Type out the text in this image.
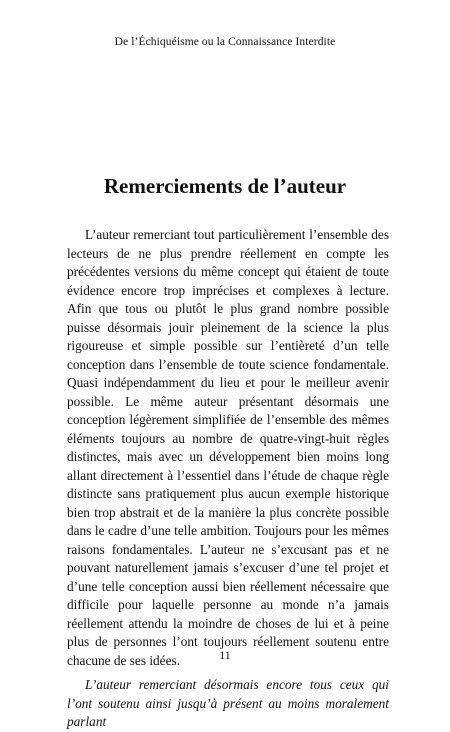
De l’Échiquéisme ou la Connaissance Interdite
Remerciements de l’auteur

L’auteur remerciant tout particulièrement l’ensemble des lecteurs de ne plus prendre réellement en compte les précédentes versions du même concept qui étaient de toute évidence encore trop imprécises et complexes à lecture. Afin que tous ou plutôt le plus grand nombre possible puisse désormais jouir pleinement de la science la plus rigoureuse et simple possible sur l’entièreté d’un telle conception dans l’ensemble de toute science fondamentale. Quasi indépendamment du lieu et pour le meilleur avenir possible. Le même auteur présentant désormais une conception légèrement simplifiée de l’ensemble des mêmes éléments toujours au nombre de quatre-vingt-huit règles distinctes, mais avec un développement bien moins long allant directement à l’essentiel dans l’étude de chaque règle distincte sans pratiquement plus aucun exemple historique bien trop abstrait et de la manière la plus concrète possible dans le cadre d’une telle ambition. Toujours pour les mêmes raisons fondamentales. L’auteur ne s’excusant pas et ne pouvant naturellement jamais s’excuser d’une tel projet et d’une telle conception aussi bien réellement nécessaire que difficile pour laquelle personne au monde n’a jamais réellement attendu la moindre de choses de lui et à peine plus de personnes l’ont toujours réellement soutenu entre chacune de ses idées.

L’auteur remerciant désormais encore tous ceux qui l’ont soutenu ainsi jusqu’à présent au moins moralement parlant

11
